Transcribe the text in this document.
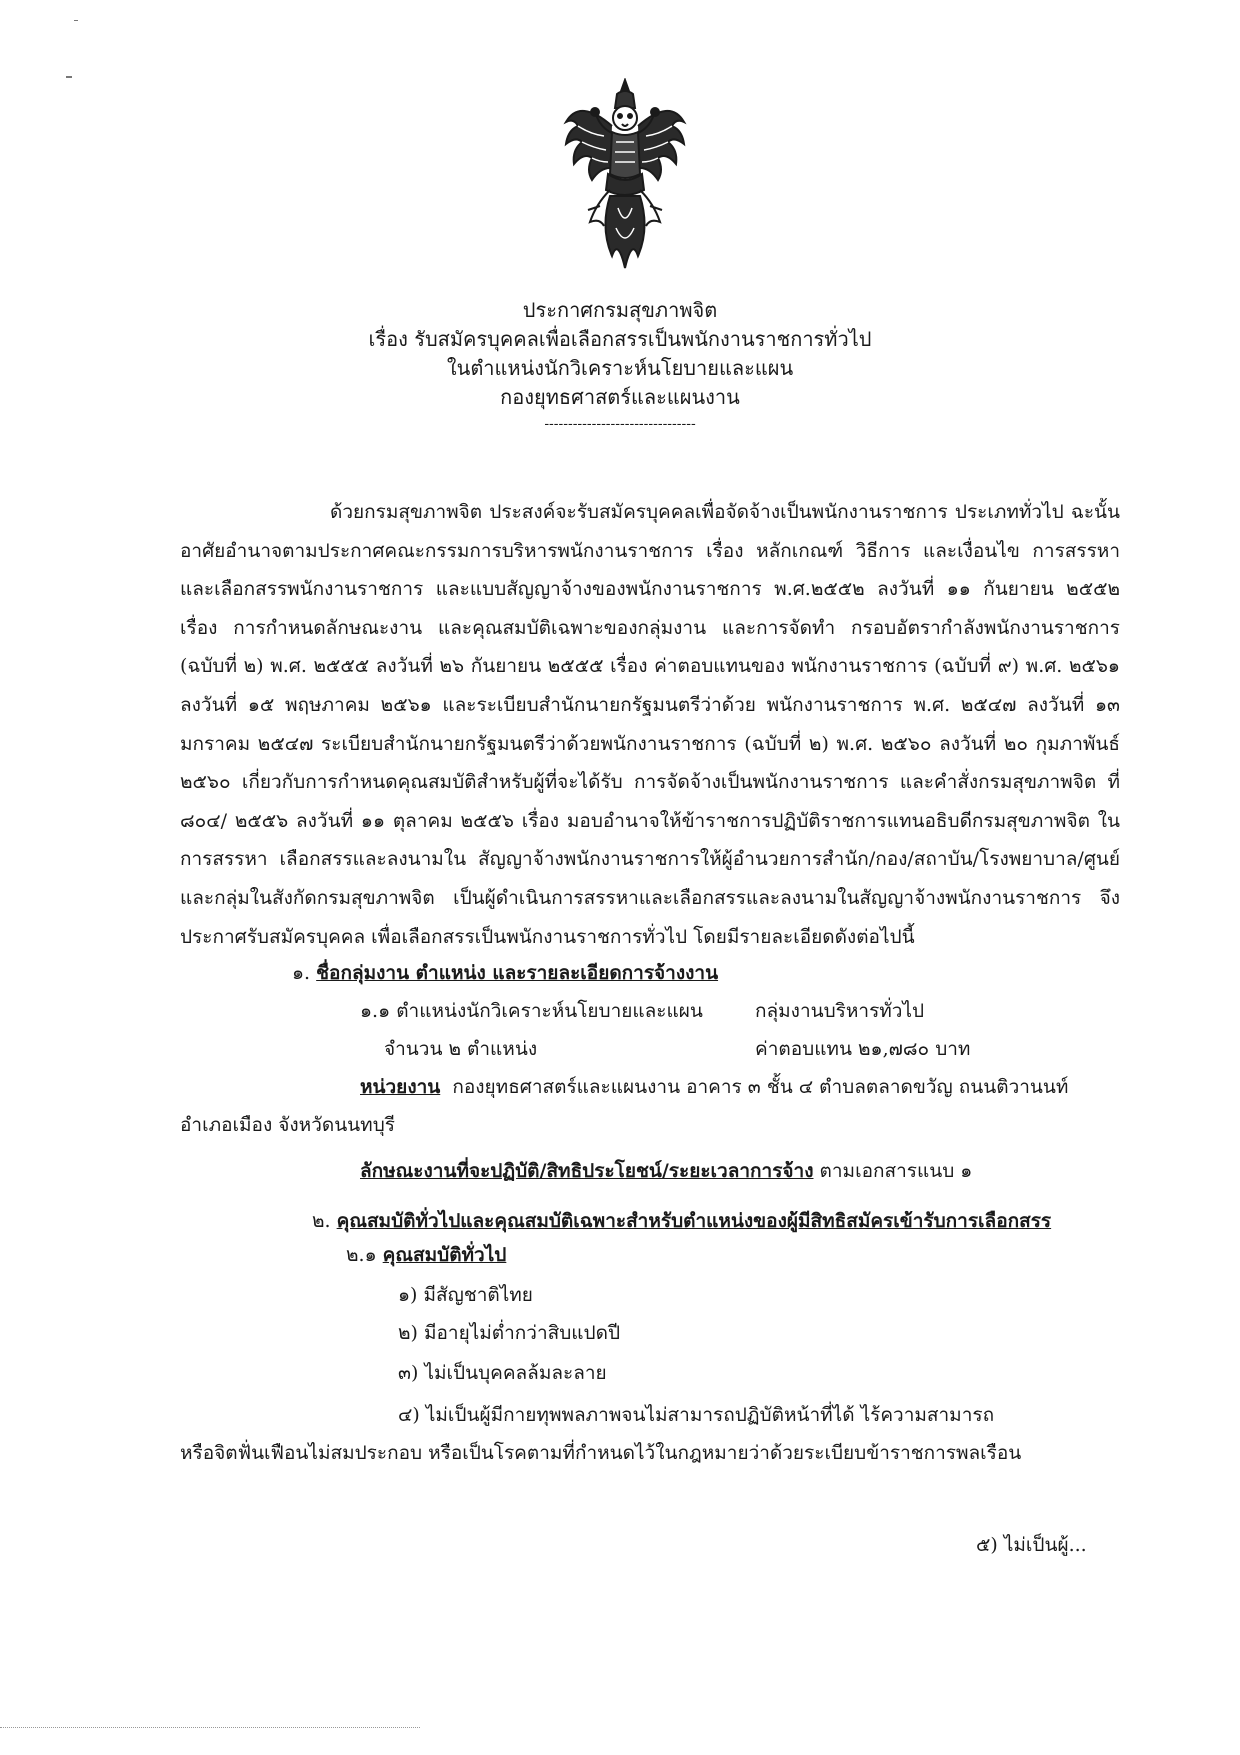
ประกาศกรมสุขภาพจิต
เรื่อง รับสมัครบุคคลเพื่อเลือกสรรเป็นพนักงานราชการทั่วไป
ในตำแหน่งนักวิเคราะห์นโยบายและแผน
กองยุทธศาสตร์และแผนงาน
--------------------------------
ด้วยกรมสุขภาพจิต ประสงค์จะรับสมัครบุคคลเพื่อจัดจ้างเป็นพนักงานราชการ ประเภททั่วไป ฉะนั้น อาศัยอำนาจตามประกาศคณะกรรมการบริหารพนักงานราชการ เรื่อง หลักเกณฑ์ วิธีการ และเงื่อนไข การสรรหาและเลือกสรรพนักงานราชการ และแบบสัญญาจ้างของพนักงานราชการ พ.ศ.๒๕๕๒ ลงวันที่ ๑๑ กันยายน ๒๕๕๒ เรื่อง การกำหนดลักษณะงาน และคุณสมบัติเฉพาะของกลุ่มงาน และการจัดทำ กรอบอัตรากำลังพนักงานราชการ (ฉบับที่ ๒) พ.ศ. ๒๕๕๕ ลงวันที่ ๒๖ กันยายน ๒๕๕๕ เรื่อง ค่าตอบแทนของ พนักงานราชการ (ฉบับที่ ๙) พ.ศ. ๒๕๖๑ ลงวันที่ ๑๕ พฤษภาคม ๒๕๖๑ และระเบียบสำนักนายกรัฐมนตรีว่าด้วย พนักงานราชการ พ.ศ. ๒๕๔๗ ลงวันที่ ๑๓ มกราคม ๒๕๔๗ ระเบียบสำนักนายกรัฐมนตรีว่าด้วยพนักงานราชการ (ฉบับที่ ๒) พ.ศ. ๒๕๖๐ ลงวันที่ ๒๐ กุมภาพันธ์ ๒๕๖๐ เกี่ยวกับการกำหนดคุณสมบัติสำหรับผู้ที่จะได้รับ การจัดจ้างเป็นพนักงานราชการ และคำสั่งกรมสุขภาพจิต ที่ ๘๐๔/ ๒๕๕๖ ลงวันที่ ๑๑ ตุลาคม ๒๕๕๖ เรื่อง มอบอำนาจให้ข้าราชการปฏิบัติราชการแทนอธิบดีกรมสุขภาพจิต ในการสรรหา เลือกสรรและลงนามใน สัญญาจ้างพนักงานราชการให้ผู้อำนวยการสำนัก/กอง/สถาบัน/โรงพยาบาล/ศูนย์ และกลุ่มในสังกัดกรมสุขภาพจิต เป็นผู้ดำเนินการสรรหาและเลือกสรรและลงนามในสัญญาจ้างพนักงานราชการ จึงประกาศรับสมัครบุคคล เพื่อเลือกสรรเป็นพนักงานราชการทั่วไป โดยมีรายละเอียดดังต่อไปนี้
๑. ชื่อกลุ่มงาน ตำแหน่ง และรายละเอียดการจ้างงาน
๑.๑ ตำแหน่งนักวิเคราะห์นโยบายและแผน	กลุ่มงานบริหารทั่วไป
จำนวน ๒ ตำแหน่ง	ค่าตอบแทน ๒๑,๗๘๐ บาท
หน่วยงาน กองยุทธศาสตร์และแผนงาน อาคาร ๓ ชั้น ๔ ตำบลตลาดขวัญ ถนนติวานนท์
อำเภอเมือง จังหวัดนนทบุรี
ลักษณะงานที่จะปฏิบัติ/สิทธิประโยชน์/ระยะเวลาการจ้าง ตามเอกสารแนบ ๑
๒. คุณสมบัติทั่วไปและคุณสมบัติเฉพาะสำหรับตำแหน่งของผู้มีสิทธิสมัครเข้ารับการเลือกสรร
๒.๑ คุณสมบัติทั่วไป
๑) มีสัญชาติไทย
๒) มีอายุไม่ต่ำกว่าสิบแปดปี
๓) ไม่เป็นบุคคลล้มละลาย
๔) ไม่เป็นผู้มีกายทุพพลภาพจนไม่สามารถปฏิบัติหน้าที่ได้ ไร้ความสามารถ
หรือจิตฟั่นเฟือนไม่สมประกอบ หรือเป็นโรคตามที่กำหนดไว้ในกฎหมายว่าด้วยระเบียบข้าราชการพลเรือน
๕) ไม่เป็นผู้...
